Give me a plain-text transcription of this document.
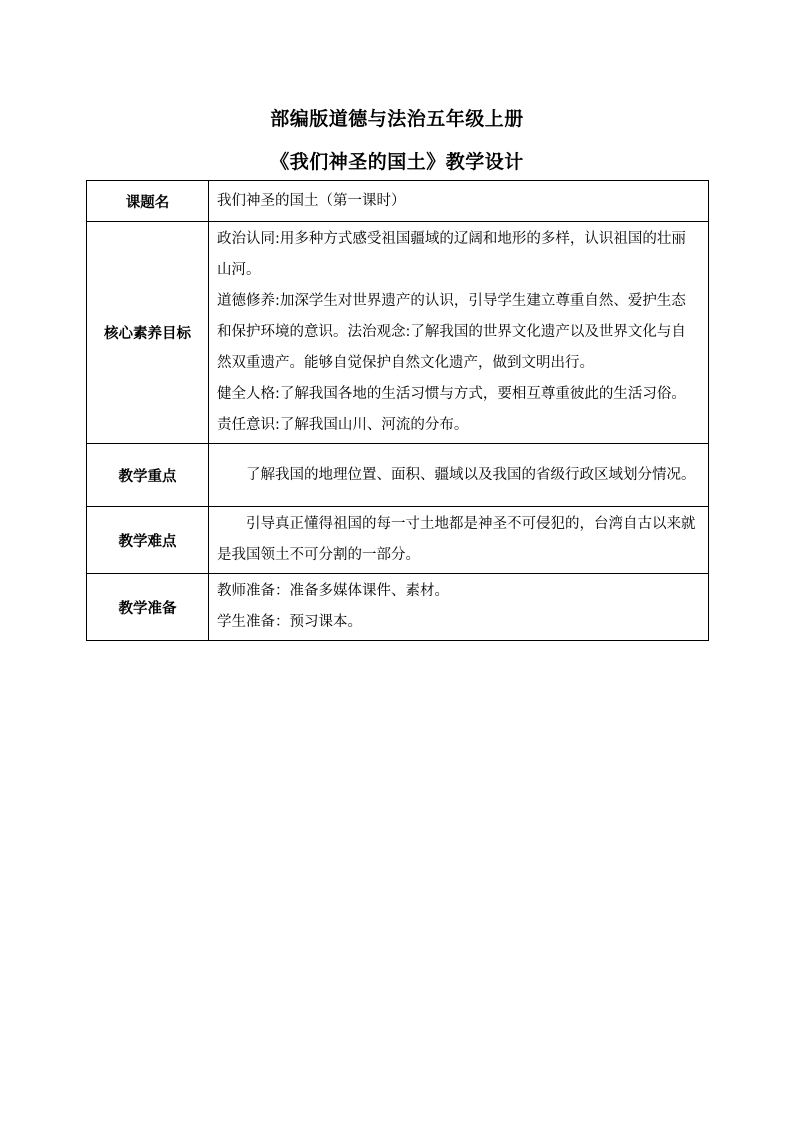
部编版道德与法治五年级上册
《我们神圣的国土》教学设计
课题名	我们神圣的国土（第一课时）

核心素养目标	政治认同:用多种方式感受祖国疆域的辽阔和地形的多样，认识祖国的壮丽山河。
道德修养:加深学生对世界遗产的认识，引导学生建立尊重自然、爱护生态和保护环境的意识。法治观念:了解我国的世界文化遗产以及世界文化与自然双重遗产。能够自觉保护自然文化遗产，做到文明出行。
健全人格:了解我国各地的生活习惯与方式，要相互尊重彼此的生活习俗。责任意识:了解我国山川、河流的分布。

教学重点	了解我国的地理位置、面积、疆域以及我国的省级行政区域划分情况。

教学难点	引导真正懂得祖国的每一寸土地都是神圣不可侵犯的，台湾自古以来就是我国领土不可分割的一部分。

教学准备	教师准备：准备多媒体课件、素材。
学生准备：预习课本。
